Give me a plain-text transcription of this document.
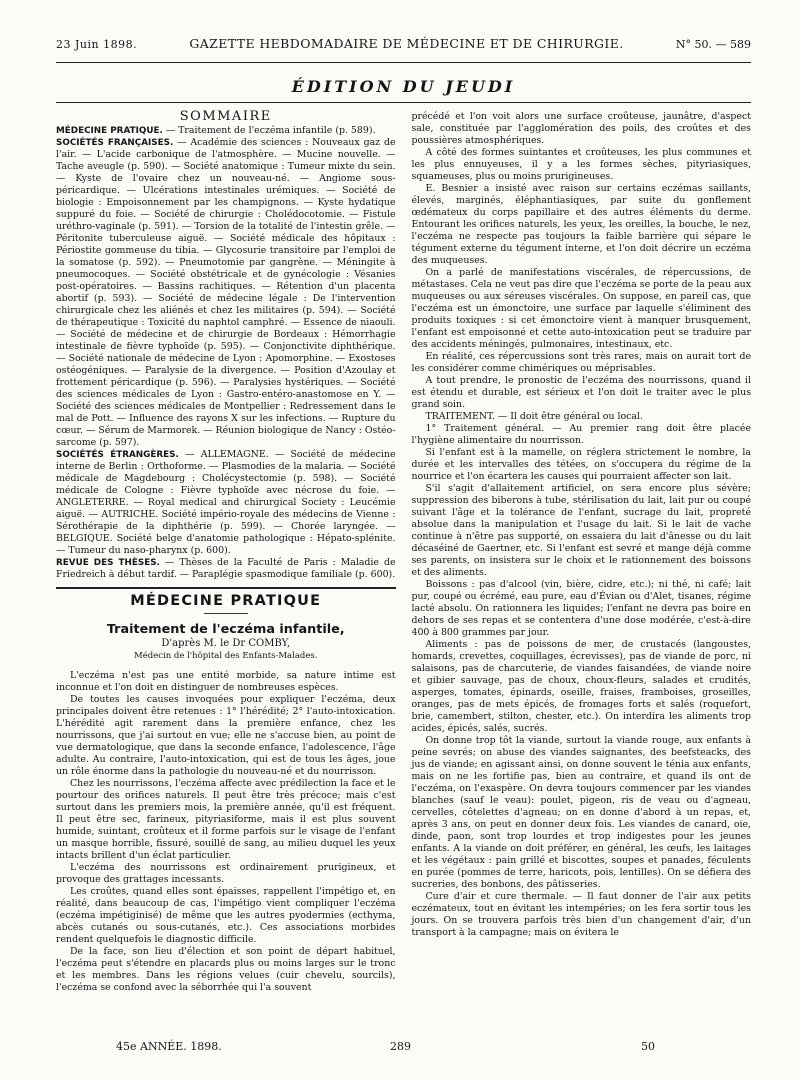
23 Juin 1898.	GAZETTE HEBDOMADAIRE DE MÉDECINE ET DE CHIRURGIE.	N° 50. — 589
ÉDITION DU JEUDI
SOMMAIRE

MÉDECINE PRATIQUE. — Traitement de l'eczéma infantile (p. 589).

SOCIÉTÉS FRANÇAISES. — Académie des sciences : Nouveaux gaz de l'air. — L'acide carbonique de l'atmosphère. — Mucine nouvelle. — Tache aveugle (p. 590). — Société anatomique : Tumeur mixte du sein. — Kyste de l'ovaire chez un nouveau-né. — Angiome sous-péricardique. — Ulcérations intestinales urémiques. — Société de biologie : Empoisonnement par les champignons. — Kyste hydatique suppuré du foie. — Société de chirurgie : Cholédocotomie. — Fistule uréthro-vaginale (p. 591). — Torsion de la totalité de l'intestin grêle. — Péritonite tuberculeuse aiguë. — Société médicale des hôpitaux : Périostite gommeuse du tibia. — Glycosurie transitoire par l'emploi de la somatose (p. 592). — Pneumotomie par gangrène. — Méningite à pneumocoques. — Société obstétricale et de gynécologie : Vésanies post-opératoires. — Bassins rachitiques. — Rétention d'un placenta abortif (p. 593). — Société de médecine légale : De l'intervention chirurgicale chez les aliénés et chez les militaires (p. 594). — Société de thérapeutique : Toxicité du naphtol camphré. — Essence de niaouli. — Société de médecine et de chirurgie de Bordeaux : Hémorrhagie intestinale de fièvre typhoïde (p. 595). — Conjonctivite diphthérique. — Société nationale de médecine de Lyon : Apomorphine. — Exostoses ostéogéniques. — Paralysie de la divergence. — Position d'Azoulay et frottement péricardique (p. 596). — Paralysies hystériques. — Société des sciences médicales de Lyon : Gastro-entéro-anastomose en Y. — Société des sciences médicales de Montpellier : Redressement dans le mal de Pott. — Influence des rayons X sur les infections. — Rupture du cœur. — Sérum de Marmorek. — Réunion biologique de Nancy : Ostéo-sarcome (p. 597).

SOCIÉTÉS ÉTRANGÈRES. — ALLEMAGNE. — Société de médecine interne de Berlin : Orthoforme. — Plasmodies de la malaria. — Société médicale de Magdebourg : Cholécystectomie (p. 598). — Société médicale de Cologne : Fièvre typhoïde avec nécrose du foie. — ANGLETERRE. — Royal medical and chirurgical Society : Leucémie aiguë. — AUTRICHE. Société império-royale des médecins de Vienne : Sérothérapie de la diphthérie (p. 599). — Chorée laryngée. — BELGIQUE. Société belge d'anatomie pathologique : Hépato-splénite. — Tumeur du naso-pharynx (p. 600).

REVUE DES THÈSES. — Thèses de la Faculté de Paris : Maladie de Friedreich à début tardif. — Paraplégie spasmodique familiale (p. 600).

MÉDECINE PRATIQUE
Traitement de l'eczéma infantile,
D'après M. le Dr COMBY,
Médecin de l'hôpital des Enfants-Malades.

L'eczéma n'est pas une entité morbide, sa nature intime est inconnue et l'on doit en distinguer de nombreuses espèces.

De toutes les causes invoquées pour expliquer l'eczéma, deux principales doivent être retenues : 1° l'hérédité; 2° l'auto-intoxication. L'hérédité agit rarement dans la première enfance, chez les nourrissons, que j'ai surtout en vue; elle ne s'accuse bien, au point de vue dermatologique, que dans la seconde enfance, l'adolescence, l'âge adulte. Au contraire, l'auto-intoxication, qui est de tous les âges, joue un rôle énorme dans la pathologie du nouveau-né et du nourrisson.

Chez les nourrissons, l'eczéma affecte avec prédilection la face et le pourtour des orifices naturels. Il peut être très précoce; mais c'est surtout dans les premiers mois, la première année, qu'il est fréquent. Il peut être sec, farineux, pityriasiforme, mais il est plus souvent humide, suintant, croûteux et il forme parfois sur le visage de l'enfant un masque horrible, fissuré, souillé de sang, au milieu duquel les yeux intacts brillent d'un éclat particulier.

L'eczéma des nourrissons est ordinairement prurigineux, et provoque des grattages incessants.

Les croûtes, quand elles sont épaisses, rappellent l'impétigo et, en réalité, dans beaucoup de cas, l'impétigo vient compliquer l'eczéma (eczéma impétiginisé) de même que les autres pyodermies (ecthyma, abcès cutanés ou sous-cutanés, etc.). Ces associations morbides rendent quelquefois le diagnostic difficile.

De la face, son lieu d'élection et son point de départ habituel, l'eczéma peut s'étendre en placards plus ou moins larges sur le tronc et les membres. Dans les régions velues (cuir chevelu, sourcils), l'eczéma se confond avec la séborrhée qui l'a souvent

précédé et l'on voit alors une surface croûteuse, jaunâtre, d'aspect sale, constituée par l'agglomération des poils, des croûtes et des poussières atmosphériques.

A côté des formes suintantes et croûteuses, les plus communes et les plus ennuyeuses, il y a les formes sèches, pityriasiques, squameuses, plus ou moins prurigineuses.

E. Besnier a insisté avec raison sur certains eczémas saillants, élevés, marginés, éléphantiasiques, par suite du gonflement œdémateux du corps papillaire et des autres éléments du derme. Entourant les orifices naturels, les yeux, les oreilles, la bouche, le nez, l'eczéma ne respecte pas toujours la faible barrière qui sépare le tégument externe du tégument interne, et l'on doit décrire un eczéma des muqueuses.

On a parlé de manifestations viscérales, de répercussions, de métastases. Cela ne veut pas dire que l'eczéma se porte de la peau aux muqueuses ou aux séreuses viscérales. On suppose, en pareil cas, que l'eczéma est un émonctoire, une surface par laquelle s'éliminent des produits toxiques : si cet émonctoire vient à manquer brusquement, l'enfant est empoisonné et cette auto-intoxication peut se traduire par des accidents méningés, pulmonaires, intestinaux, etc.

En réalité, ces répercussions sont très rares, mais on aurait tort de les considérer comme chimériques ou méprisables.

A tout prendre, le pronostic de l'eczéma des nourrissons, quand il est étendu et durable, est sérieux et l'on doit le traiter avec le plus grand soin.

TRAITEMENT. — Il doit être général ou local.

1° Traitement général. — Au premier rang doit être placée l'hygiène alimentaire du nourrisson.

Si l'enfant est à la mamelle, on réglera strictement le nombre, la durée et les intervalles des tétées, on s'occupera du régime de la nourrice et l'on écartera les causes qui pourraient affecter son lait.

S'il s'agit d'allaitement artificiel, on sera encore plus sévère; suppression des biberons à tube, stérilisation du lait, lait pur ou coupé suivant l'âge et la tolérance de l'enfant, sucrage du lait, propreté absolue dans la manipulation et l'usage du lait. Si le lait de vache continue à n'être pas supporté, on essaiera du lait d'ânesse ou du lait décaséiné de Gaertner, etc. Si l'enfant est sevré et mange déjà comme ses parents, on insistera sur le choix et le rationnement des boissons et des aliments.

Boissons : pas d'alcool (vin, bière, cidre, etc.); ni thé, ni café; lait pur, coupé ou écrémé, eau pure, eau d'Évian ou d'Alet, tisanes, régime lacté absolu. On rationnera les liquides; l'enfant ne devra pas boire en dehors de ses repas et se contentera d'une dose modérée, c'est-à-dire 400 à 800 grammes par jour.

Aliments : pas de poissons de mer, de crustacés (langoustes, homards, crevettes, coquillages, écrevisses), pas de viande de porc, ni salaisons, pas de charcuterie, de viandes faisandées, de viande noire et gibier sauvage, pas de choux, choux-fleurs, salades et crudités, asperges, tomates, épinards, oseille, fraises, framboises, groseilles, oranges, pas de mets épicés, de fromages forts et salés (roquefort, brie, camembert, stilton, chester, etc.). On interdira les aliments trop acides, épicés, salés, sucrés.

On donne trop tôt la viande, surtout la viande rouge, aux enfants à peine sevrés; on abuse des viandes saignantes, des beefsteacks, des jus de viande; en agissant ainsi, on donne souvent le ténia aux enfants, mais on ne les fortifie pas, bien au contraire, et quand ils ont de l'eczéma, on l'exaspère. On devra toujours commencer par les viandes blanches (sauf le veau): poulet, pigeon, ris de veau ou d'agneau, cervelles, côtelettes d'agneau; on en donne d'abord à un repas, et, après 3 ans, on peut en donner deux fois. Les viandes de canard, oie, dinde, paon, sont trop lourdes et trop indigestes pour les jeunes enfants. A la viande on doit préférer, en général, les œufs, les laitages et les végétaux : pain grillé et biscottes, soupes et panades, féculents en purée (pommes de terre, haricots, pois, lentilles). On se défiera des sucreries, des bonbons, des pâtisseries.

Cure d'air et cure thermale. — Il faut donner de l'air aux petits eczémateux, tout en évitant les intempéries; on les fera sortir tous les jours. On se trouvera parfois très bien d'un changement d'air, d'un transport à la campagne; mais on évitera le

45e ANNÉE. 1898.	289	50
